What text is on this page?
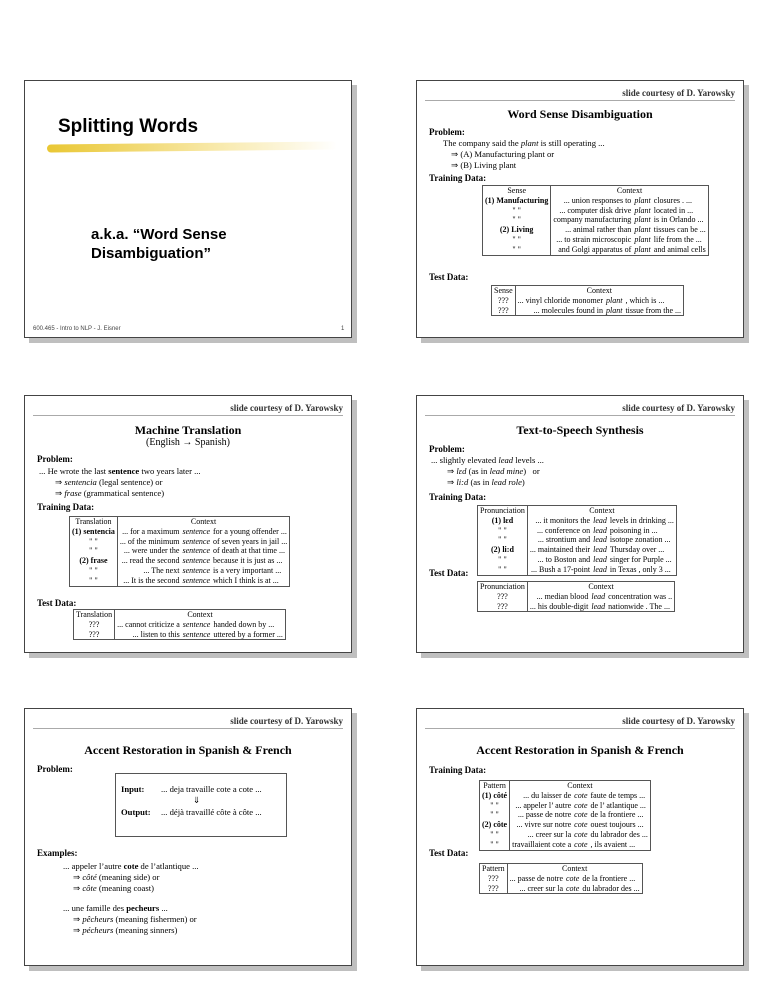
Splitting Words
a.k.a. “Word Sense
Disambiguation”
600.465 - Intro to NLP - J. Eisner	1
slide courtesy of D. Yarowsky
Word Sense Disambiguation
Problem:
The company said the plant is still operating ...
⇒ (A) Manufacturing plant or
⇒ (B) Living plant
Training Data:
Sense	Context		
(1) Manufacturing	... union responses to	plant	closures . ...
" "	... computer disk drive	plant	located in ...
" "	company manufacturing	plant	is in Orlando ...
(2) Living	... animal rather than	plant	tissues can be ...
" "	... to strain microscopic	plant	life from the ...
" "	and Golgi apparatus of	plant	and animal cells
Test Data:
Sense	Context		
???	... vinyl chloride monomer	plant	, which is ...
???	... molecules found in	plant	tissue from the ...
slide courtesy of D. Yarowsky
Machine Translation
(English → Spanish)
Problem:
... He wrote the last sentence two years later ...
⇒ sentencia (legal sentence) or
⇒ frase (grammatical sentence)
Training Data:
Translation	Context		
(1) sentencia	... for a maximum	sentence	for a young offender ...
" "	... of the minimum	sentence	of seven years in jail ...
" "	... were under the	sentence	of death at that time ...
(2) frase	... read the second	sentence	because it is just as ...
" "	... The next	sentence	is a very important ...
" "	... It is the second	sentence	which I think is at ...
Test Data:
Translation	Context		
???	... cannot criticize a	sentence	handed down by ...
???	... listen to this	sentence	uttered by a former ...
slide courtesy of D. Yarowsky
Text-to-Speech Synthesis
Problem:
... slightly elevated lead levels ...
⇒ lɛd (as in lead mine)   or
⇒ li:d (as in lead role)
Training Data:
Pronunciation	Context		
(1) lɛd	... it monitors the	lead	levels in drinking ...
" "	... conference on	lead	poisoning in ...
" "	... strontium and	lead	isotope zonation ...
(2) li:d	... maintained their	lead	Thursday over ...
" "	... to Boston and	lead	singer for Purple ...
" "	... Bush a 17-point	lead	in Texas , only 3 ...
Test Data:
Pronunciation	Context		
???	... median blood	lead	concentration was ..
???	... his double-digit	lead	nationwide . The ...
slide courtesy of D. Yarowsky
Accent Restoration in Spanish & French
Problem:
Input: ... deja travaille cote a cote ...
⇓
Output: ... déjà travaillé côte à côte ...
Examples:
... appeler l’autre cote de l’atlantique ...
⇒ côté (meaning side) or
⇒ côte (meaning coast)
... une famille des pecheurs ...
⇒ pêcheurs (meaning fishermen) or
⇒ pécheurs (meaning sinners)
slide courtesy of D. Yarowsky
Accent Restoration in Spanish & French
Training Data:
Pattern	Context		
(1) côté	... du laisser de	cote	faute de temps ...
" "	... appeler l’ autre	cote	de l’ atlantique ...
" "	... passe de notre	cote	de la frontiere ...
(2) côte	... vivre sur notre	cote	ouest toujours ...
" "	... creer sur la	cote	du labrador des ...
" "	travaillaient cote a	cote	, ils avaient ...
Test Data:
Pattern	Context		
???	... passe de notre	cote	de la frontiere ...
???	... creer sur la	cote	du labrador des ...
